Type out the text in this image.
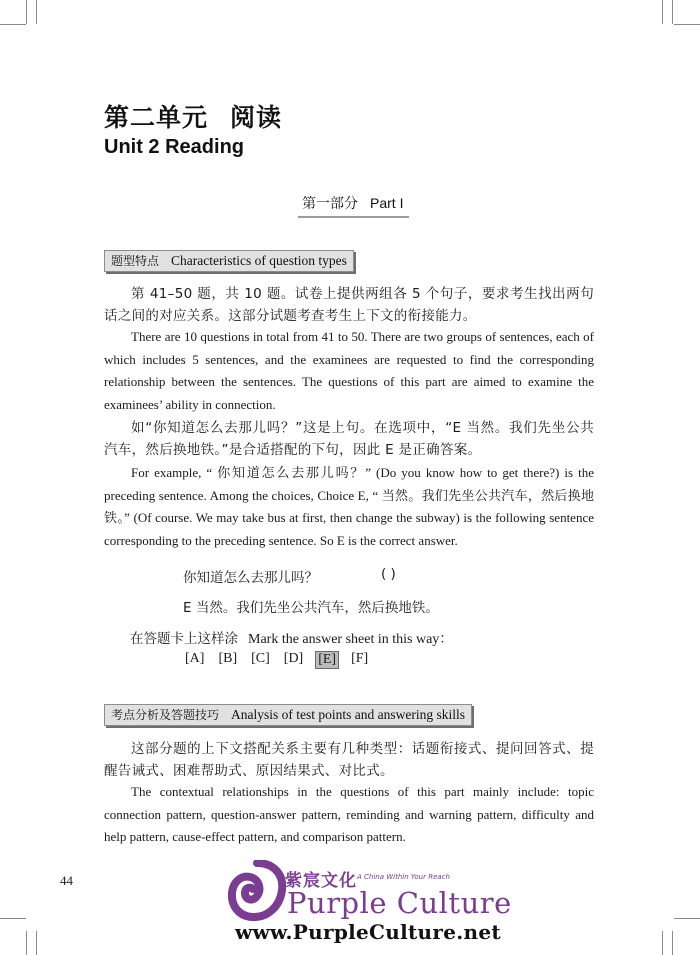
第二单元 阅读
Unit 2 Reading
第一部分 Part I
题型特点 Characteristics of question types

第 41–50 题，共 10 题。试卷上提供两组各 5 个句子，要求考生找出两句话之间的对应关系。这部分试题考查考生上下文的衔接能力。

There are 10 questions in total from 41 to 50. There are two groups of sentences, each of which includes 5 sentences, and the examinees are requested to find the corresponding relationship between the sentences. The questions of this part are aimed to examine the examinees’ ability in connection.

如“你知道怎么去那儿吗？”这是上句。在选项中，“E 当然。我们先坐公共汽车，然后换地铁。”是合适搭配的下句，因此 E 是正确答案。

For example, “ 你知道怎么去那儿吗？” (Do you know how to get there?) is the preceding sentence. Among the choices, Choice E, “ 当然。我们先坐公共汽车，然后换地铁。” (Of course. We may take bus at first, then change the subway) is the following sentence corresponding to the preceding sentence. So E is the correct answer.

你知道怎么去那儿吗？	( )
E 当然。我们先坐公共汽车，然后换地铁。
在答题卡上这样涂 Mark the answer sheet in this way：
[A] [B] [C] [D] [E] [F]
考点分析及答题技巧 Analysis of test points and answering skills

这部分题的上下文搭配关系主要有几种类型：话题衔接式、提问回答式、提醒告诫式、困难帮助式、原因结果式、对比式。

The contextual relationships in the questions of this part mainly include: topic connection pattern, question-answer pattern, reminding and warning pattern, difficulty and help pattern, cause-effect pattern, and comparison pattern.

44	紫宸文化 A China Within Your Reach
Purple Culture
www.PurpleCulture.net
